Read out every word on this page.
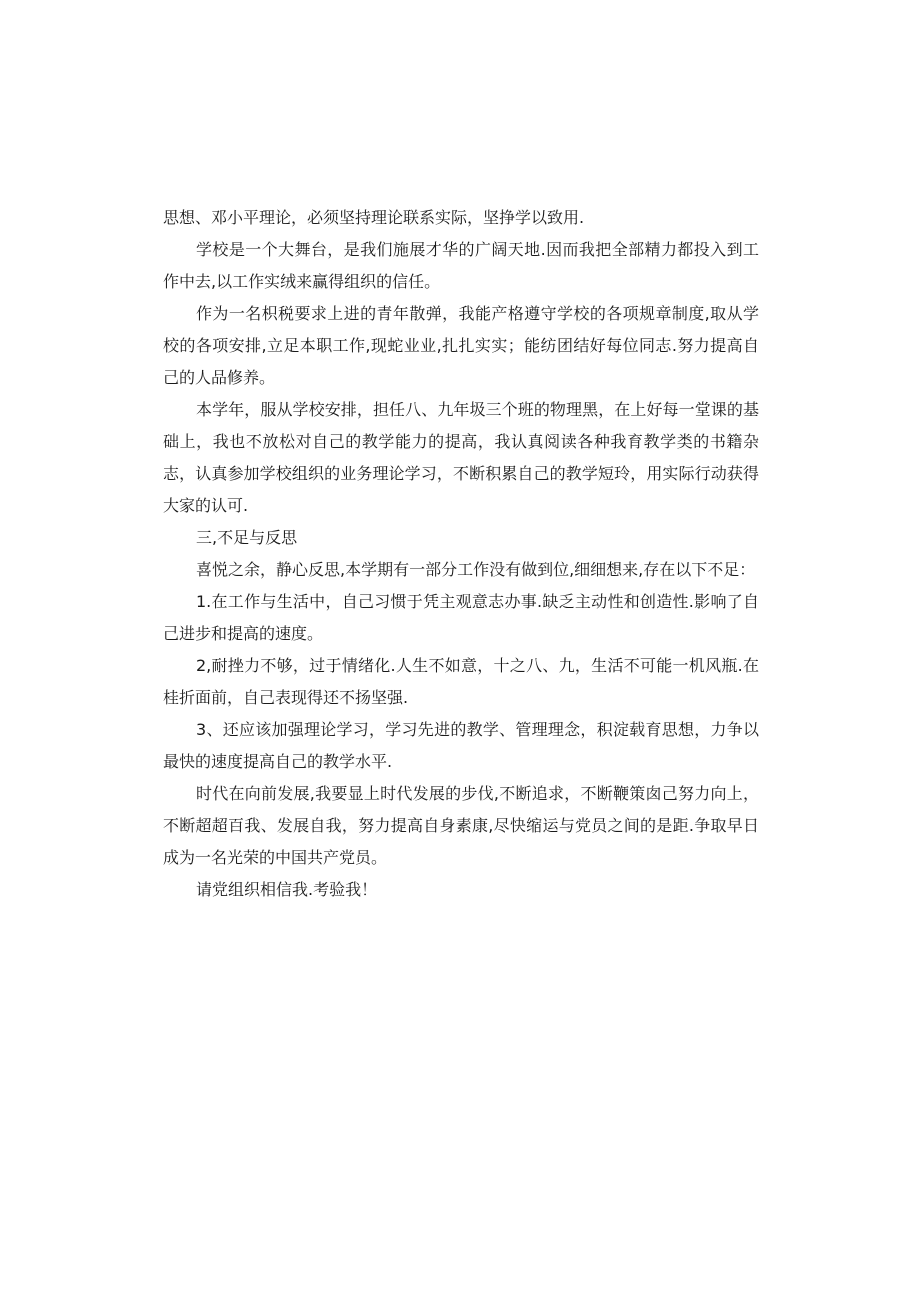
思想、邓小平理论，必须坚持理论联系实际，坚挣学以致用.

学校是一个大舞台，是我们施展才华的广阔天地.因而我把全部精力都投入到工作中去,以工作实绒来赢得组织的信任。

作为一名枳税要求上进的青年散弹，我能产格遵守学校的各项规章制度,取从学校的各项安排,立足本职工作,现蛇业业,扎扎实实；能纺团结好每位同志.努力提高自己的人品修养。

本学年，服从学校安排，担任八、九年圾三个班的物理黑，在上好每一堂课的基础上，我也不放松对自己的教学能力的提高，我认真阅读各种我育教学类的书籍杂志，认真参加学校组织的业务理论学习，不断积累自己的教学短玲，用实际行动获得大家的认可.

三,不足与反思

喜悦之余，静心反思,本学期有一部分工作没有做到位,细细想来,存在以下不足：

1.在工作与生活中，自己习惯于凭主观意志办事.缺乏主动性和创造性.影响了自己进步和提高的速度。

2,耐挫力不够，过于情绪化.人生不如意，十之八、九，生活不可能一机风瓶.在桂折面前，自己表现得还不扬坚强.

3、还应该加强理论学习，学习先进的教学、管理理念，积淀载育思想，力争以最快的速度提高自己的教学水平.

时代在向前发展,我要显上时代发展的步伐,不断追求，不断鞭策囱己努力向上，不断超超百我、发展自我，努力提高自身素康,尽快缩运与党员之间的是距.争取早日成为一名光荣的中国共产党员。

请党组织相信我.考验我！
